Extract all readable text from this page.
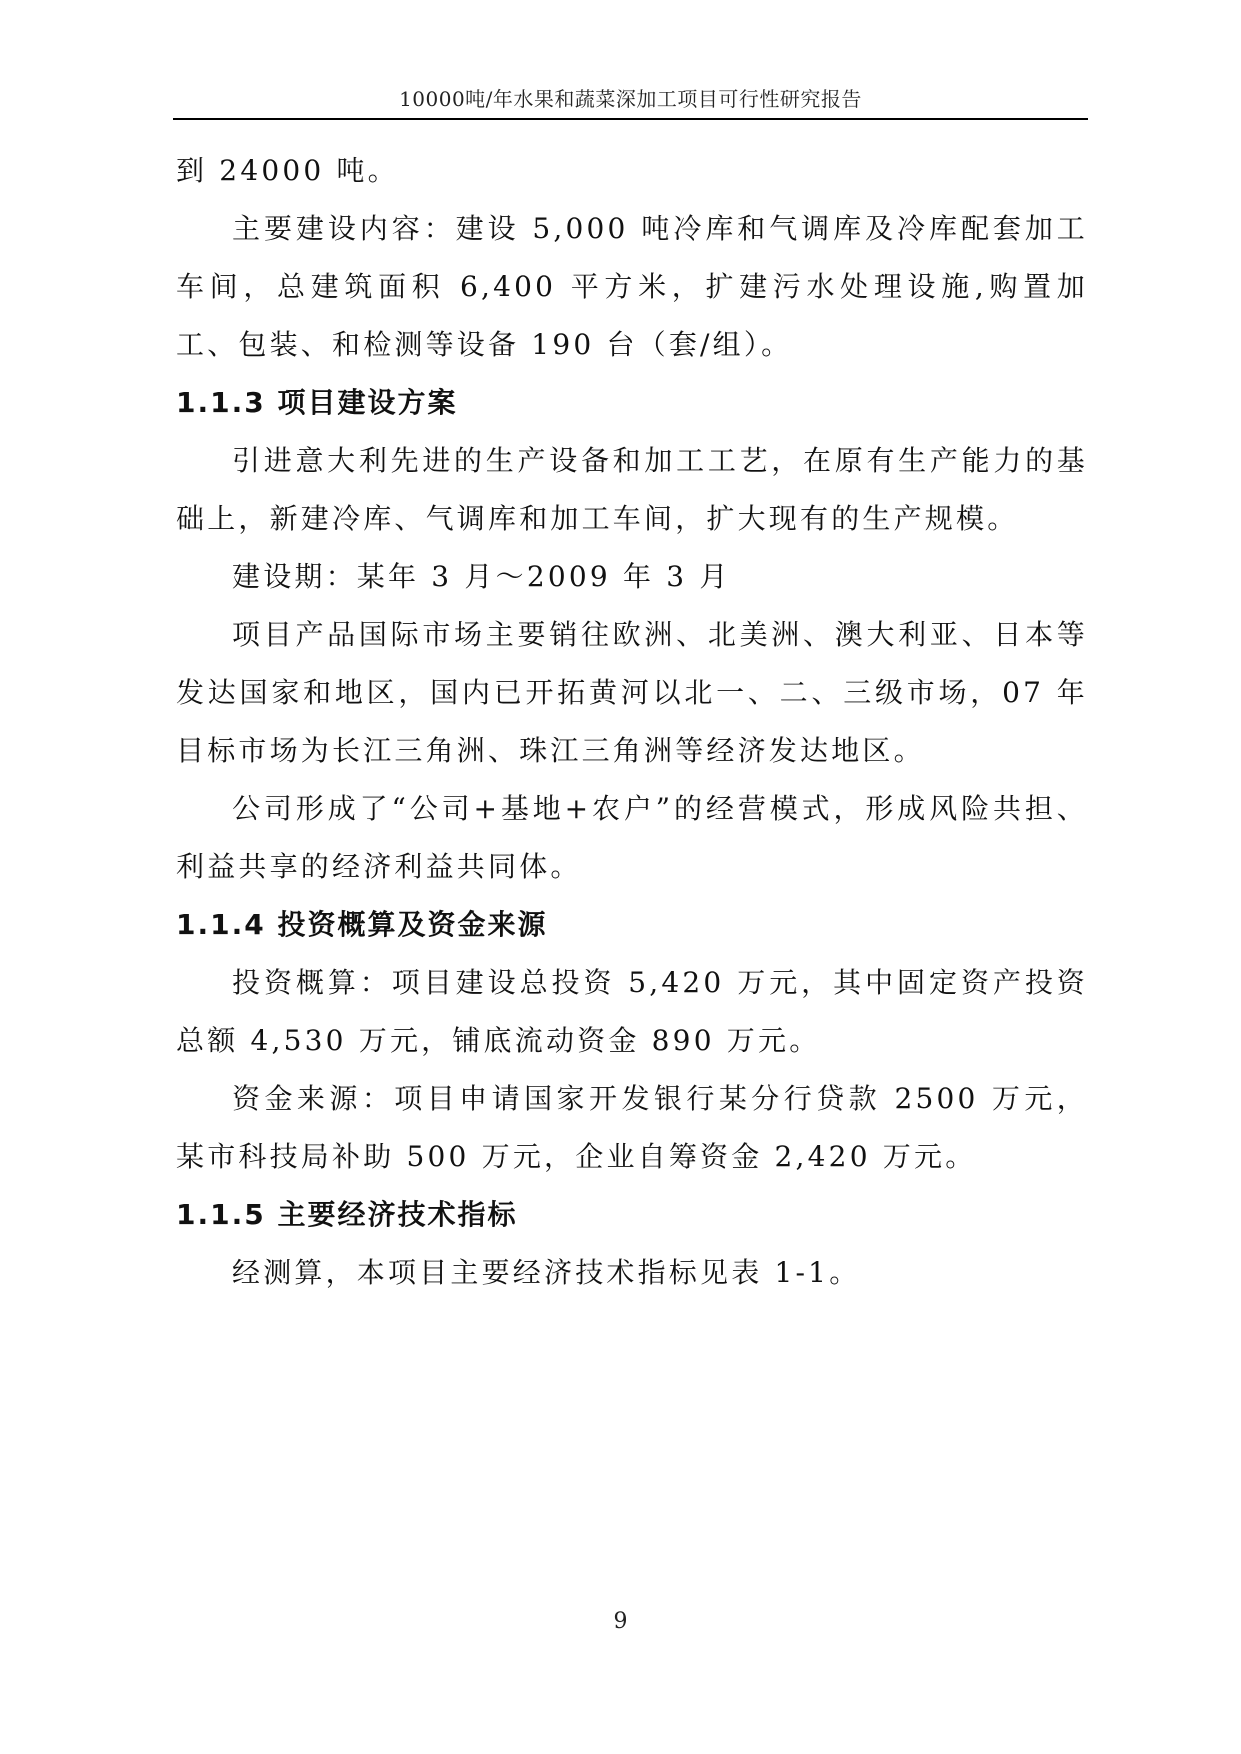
10000吨/年水果和蔬菜深加工项目可行性研究报告

到 24000 吨。

主要建设内容：建设 5,000 吨冷库和气调库及冷库配套加工车间，总建筑面积 6,400 平方米，扩建污水处理设施,购置加工、包装、和检测等设备 190 台（套/组）。

1.1.3 项目建设方案

引进意大利先进的生产设备和加工工艺，在原有生产能力的基础上，新建冷库、气调库和加工车间，扩大现有的生产规模。

建设期：某年 3 月～2009 年 3 月

项目产品国际市场主要销往欧洲、北美洲、澳大利亚、日本等发达国家和地区，国内已开拓黄河以北一、二、三级市场，07 年目标市场为长江三角洲、珠江三角洲等经济发达地区。

公司形成了“公司+基地+农户”的经营模式，形成风险共担、利益共享的经济利益共同体。

1.1.4 投资概算及资金来源

投资概算：项目建设总投资 5,420 万元，其中固定资产投资总额 4,530 万元，铺底流动资金 890 万元。

资金来源：项目申请国家开发银行某分行贷款 2500 万元，某市科技局补助 500 万元，企业自筹资金 2,420 万元。

1.1.5 主要经济技术指标

经测算，本项目主要经济技术指标见表 1-1。

9
